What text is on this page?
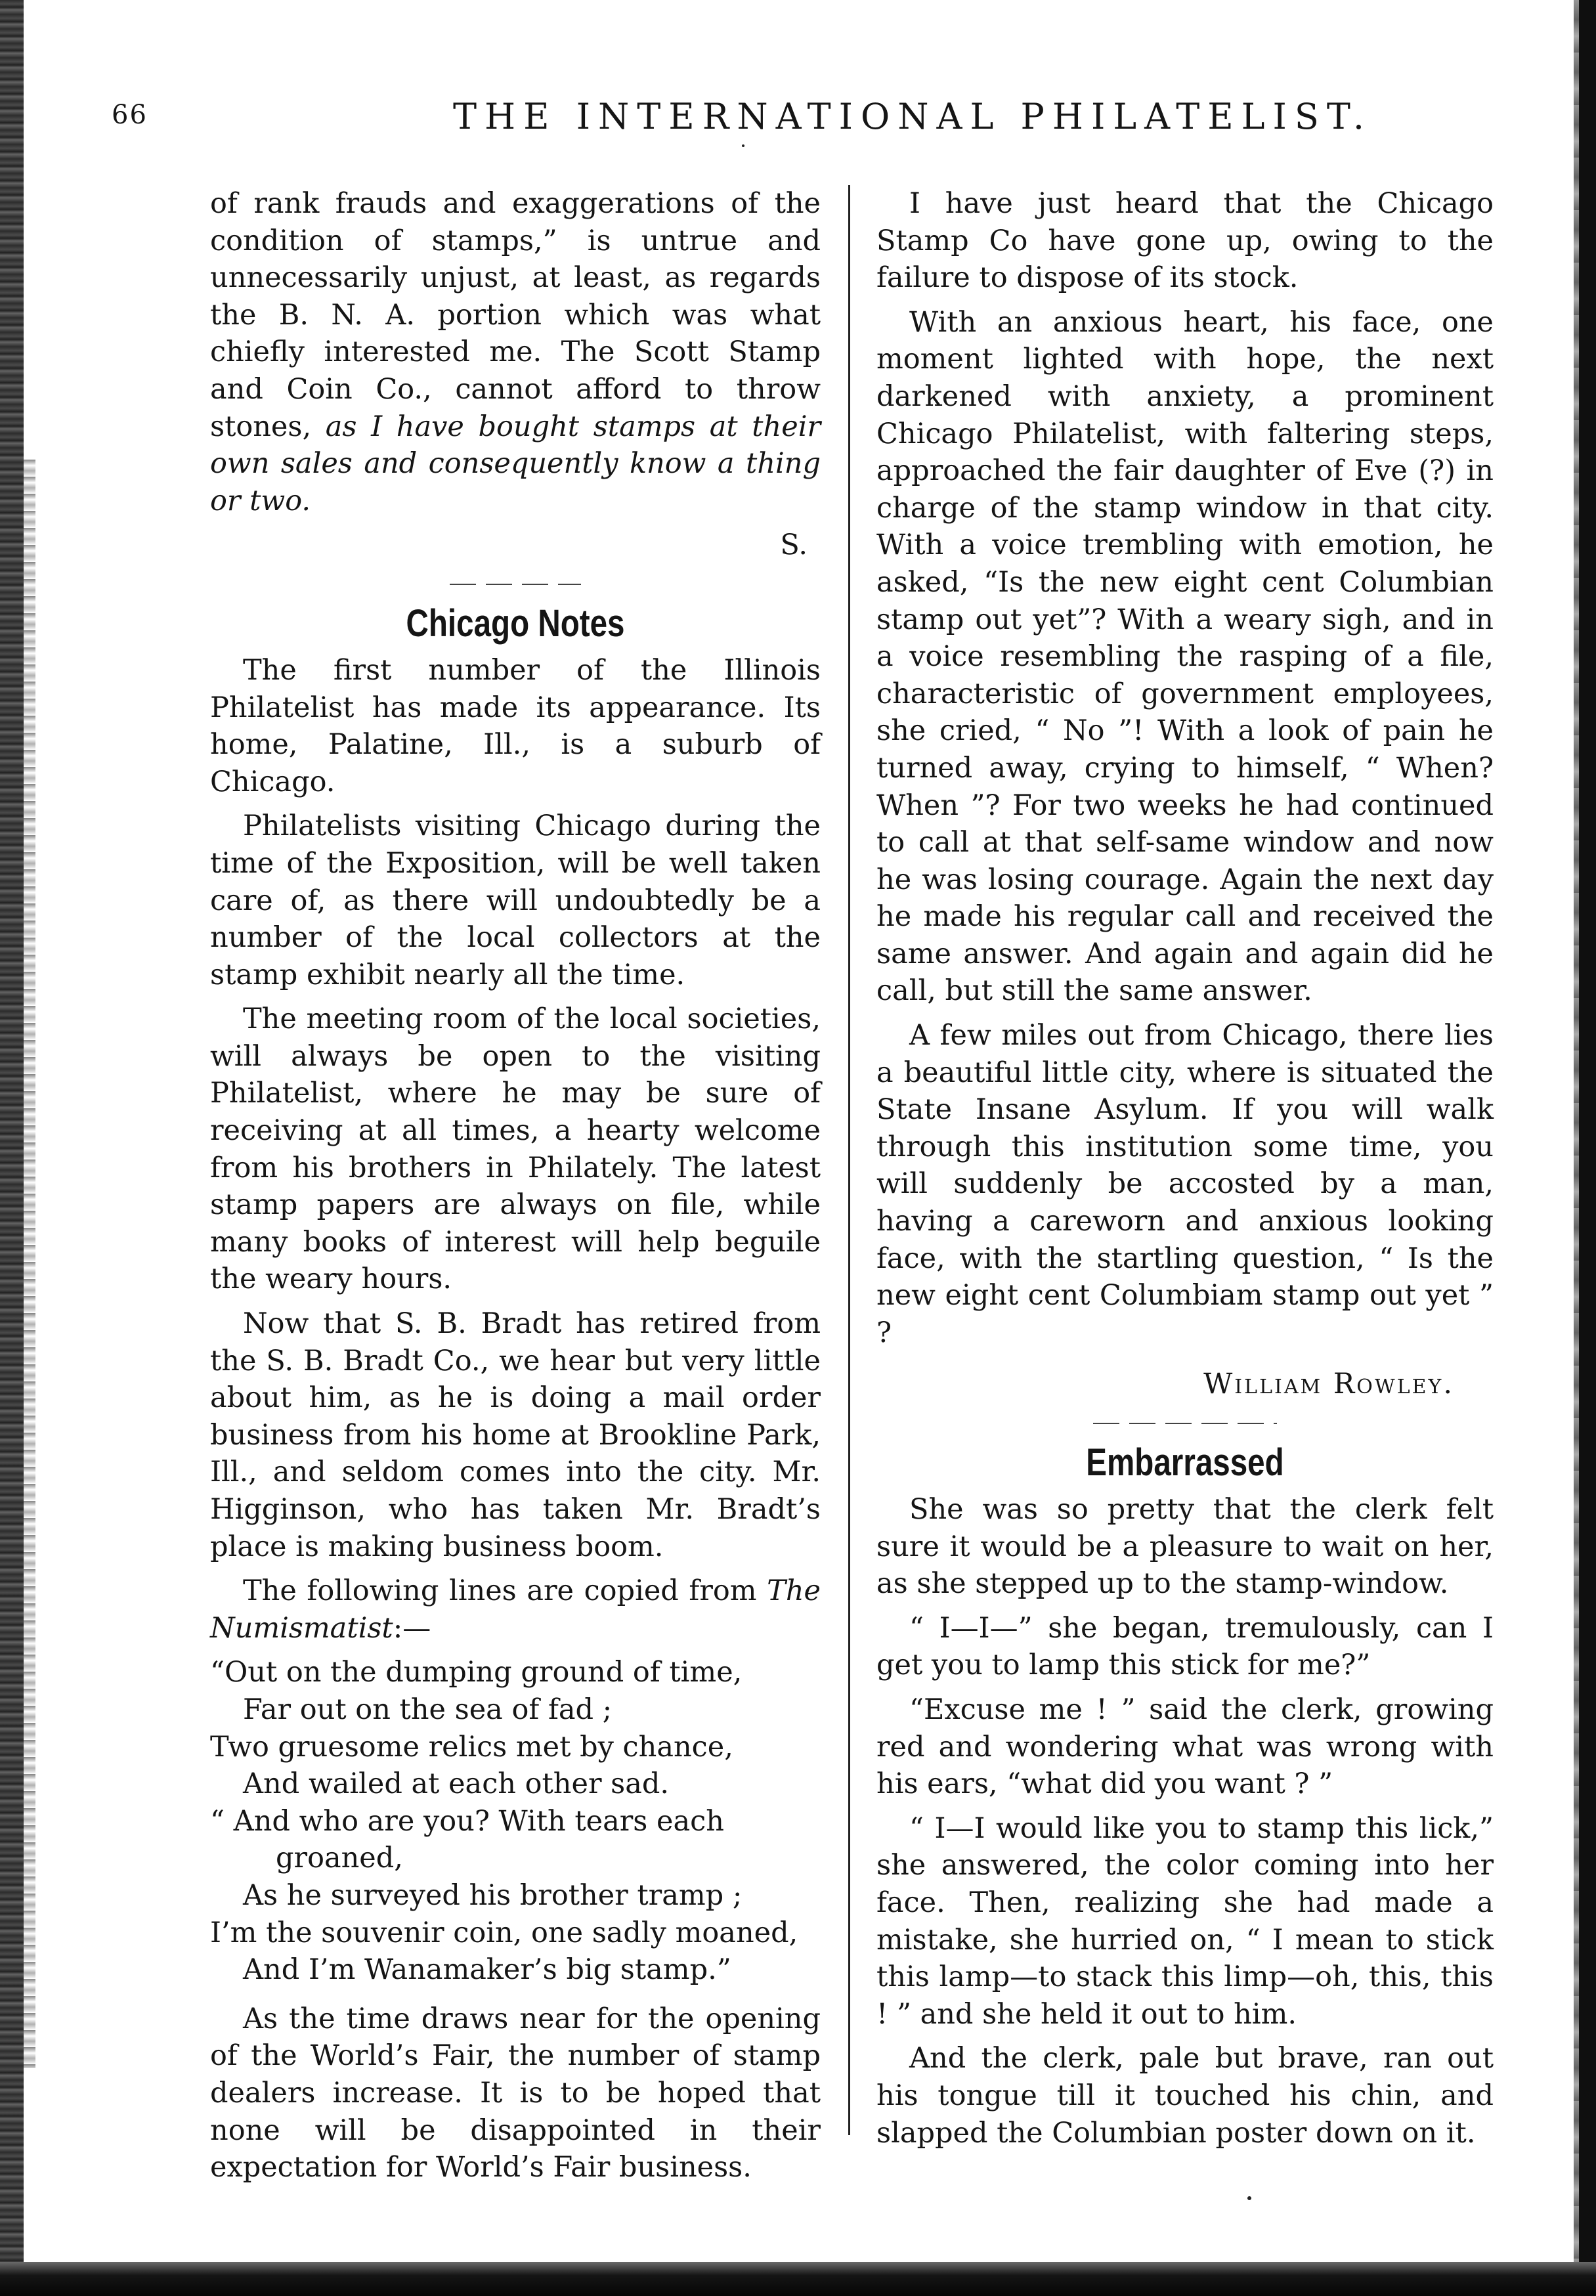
66	THE INTERNATIONAL PHILATELIST.

of rank frauds and exaggerations of the condition of stamps,” is untrue and unnecessarily unjust, at least, as regards the B. N. A. portion which was what chiefly interested me. The Scott Stamp and Coin Co., cannot afford to throw stones, as I have bought stamps at their own sales and consequently know a thing or two.

S.
Chicago Notes

The first number of the Illinois Philatelist has made its appearance. Its home, Palatine, Ill., is a suburb of Chicago.

Philatelists visiting Chicago during the time of the Exposition, will be well taken care of, as there will undoubtedly be a number of the local collectors at the stamp exhibit nearly all the time.

The meeting room of the local societies, will always be open to the visiting Philatelist, where he may be sure of receiving at all times, a hearty welcome from his brothers in Philately. The latest stamp papers are always on file, while many books of interest will help beguile the weary hours.

Now that S. B. Bradt has retired from the S. B. Bradt Co., we hear but very little about him, as he is doing a mail order business from his home at Brookline Park, Ill., and seldom comes into the city. Mr. Higginson, who has taken Mr. Bradt’s place is making business boom.

The following lines are copied from The Numismatist:—

“Out on the dumping ground of time,
Far out on the sea of fad ;
Two gruesome relics met by chance,
And wailed at each other sad.
“ And who are you? With tears each
groaned,
As he surveyed his brother tramp ;
I’m the souvenir coin, one sadly moaned,
And I’m Wanamaker’s big stamp.”

As the time draws near for the opening of the World’s Fair, the number of stamp dealers increase. It is to be hoped that none will be disappointed in their expectation for World’s Fair business.

I have just heard that the Chicago Stamp Co have gone up, owing to the failure to dispose of its stock.

With an anxious heart, his face, one moment lighted with hope, the next darkened with anxiety, a prominent Chicago Philatelist, with faltering steps, approached the fair daughter of Eve (?) in charge of the stamp window in that city. With a voice trembling with emotion, he asked, “Is the new eight cent Columbian stamp out yet”? With a weary sigh, and in a voice resembling the rasping of a file, characteristic of government employees, she cried, “ No ”! With a look of pain he turned away, crying to himself, “ When? When ”? For two weeks he had continued to call at that self-same window and now he was losing courage. Again the next day he made his regular call and received the same answer. And again and again did he call, but still the same answer.

A few miles out from Chicago, there lies a beautiful little city, where is situated the State Insane Asylum. If you will walk through this institution some time, you will suddenly be accosted by a man, having a careworn and anxious looking face, with the startling question, “ Is the new eight cent Columbiam stamp out yet ” ?

William Rowley.
Embarrassed

She was so pretty that the clerk felt sure it would be a pleasure to wait on her, as she stepped up to the stamp-window.

“ I—I—” she began, tremulously, can I get you to lamp this stick for me?”

“Excuse me ! ” said the clerk, growing red and wondering what was wrong with his ears, “what did you want ? ”

“ I—I would like you to stamp this lick,” she answered, the color coming into her face. Then, realizing she had made a mistake, she hurried on, “ I mean to stick this lamp—to stack this limp—oh, this, this ! ” and she held it out to him.

And the clerk, pale but brave, ran out his tongue till it touched his chin, and slapped the Columbian poster down on it.
